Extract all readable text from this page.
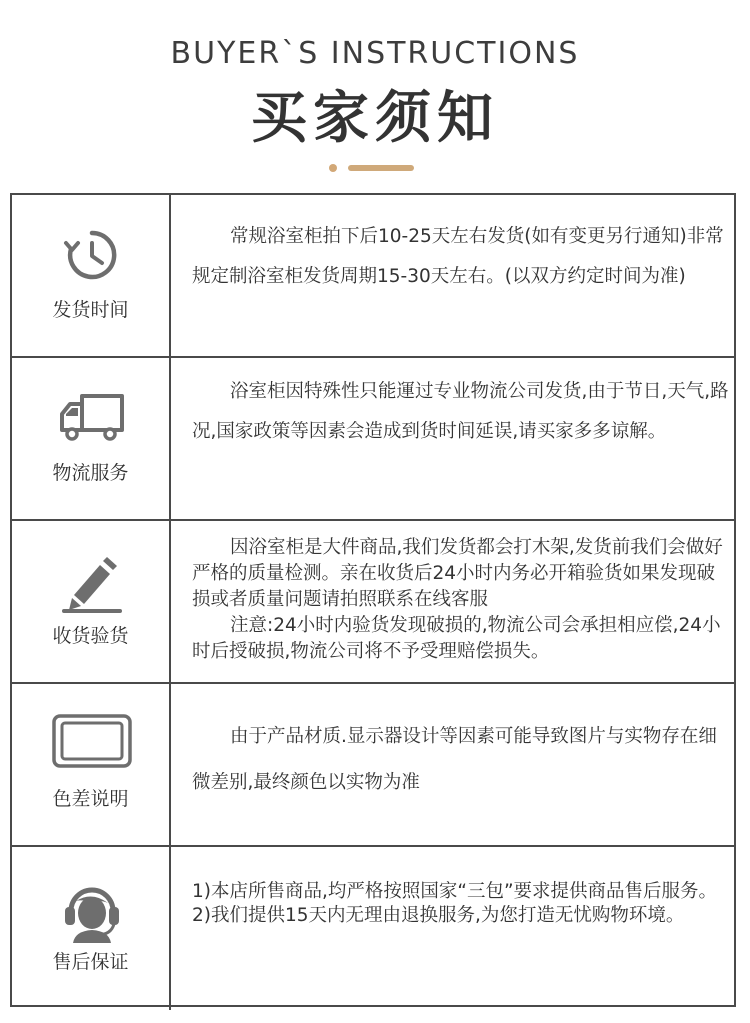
BUYER`S INSTRUCTIONS
买家须知
发货时间

常规浴室柜拍下后10-25天左右发货(如有变更另行通知)非常规定制浴室柜发货周期15-30天左右。(以双方约定时间为准)

物流服务

浴室柜因特殊性只能運过专业物流公司发货,由于节日,天气,路况,国家政策等因素会造成到货时间延误,请买家多多谅解。

收货验货

因浴室柜是大件商品,我们发货都会打木架,发货前我们会做好严格的质量检测。亲在收货后24小时内务必开箱验货如果发现破损或者质量问题请拍照联系在线客服

注意:24小时内验货发现破损的,物流公司会承担相应偿,24小时后授破损,物流公司将不予受理赔偿损失。

色差说明

由于产品材质.显示器设计等因素可能导致图片与实物存在细微差别,最终颜色以实物为准

售后保证

1)本店所售商品,均严格按照国家“三包”要求提供商品售后服务。

2)我们提供15天内无理由退换服务,为您打造无忧购物环境。
